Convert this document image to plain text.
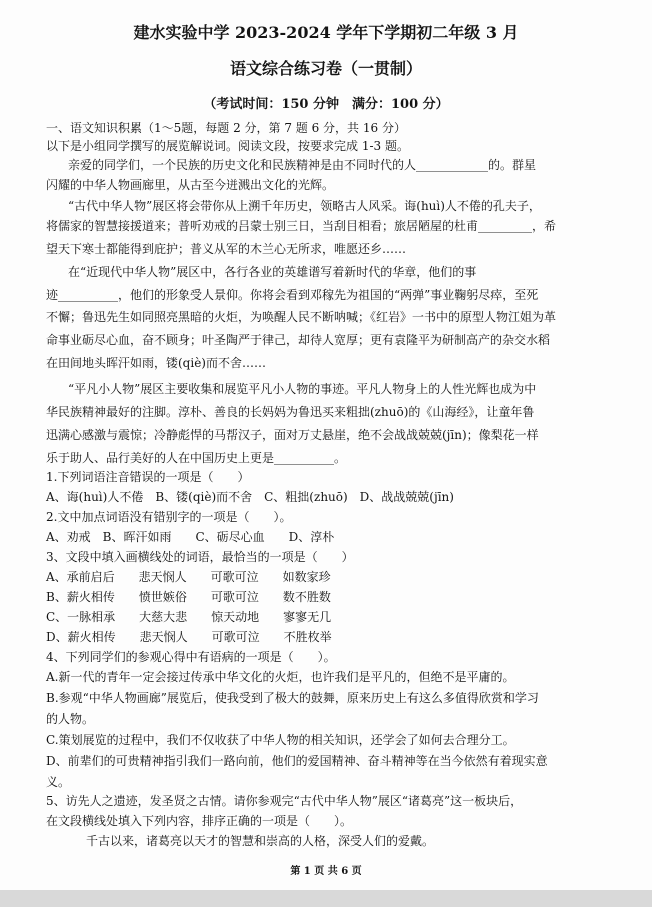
建水实验中学 2023-2024 学年下学期初二年级 3 月
语文综合练习卷（一贯制）
（考试时间：150 分钟　满分：100 分）
一、语文知识积累（1～5题，每题 2 分，第 7 题 6 分，共 16 分）
以下是小组同学撰写的展览解说词。阅读文段，按要求完成 1-3 题。
亲爱的同学们，一个民族的历史文化和民族精神是由不同时代的人____________的。群星
闪耀的中华人物画廊里，从古至今迸溅出文化的光辉。
“古代中华人物”展区将会带你从上溯千年历史，领略古人风采。诲(huì)人不倦的孔夫子，
将儒家的智慧接援道来；普听劝戒的吕蒙士别三日，当刮目相看；旅居陋屋的杜甫_________，希
望天下寒士都能得到庇护；普义从军的木兰心无所求，唯愿还乡……
在“近现代中华人物”展区中，各行各业的英雄谱写着新时代的华章，他们的事
迹__________，他们的形象受人景仰。你将会看到邓稼先为祖国的“两弹”事业鞠躬尽瘁，至死
不懈；鲁迅先生如同照亮黑暗的火炬，为唤醒人民不断呐喊；《红岩》一书中的原型人物江姐为革
命事业砺尽心血，奋不顾身；叶圣陶严于律己，却待人宽厚；更有袁隆平为研制高产的杂交水稻
在田间地头晖汗如雨，镂(qiè)而不舍……
“平凡小人物”展区主要收集和展览平凡小人物的事迹。平凡人物身上的人性光辉也成为中
华民族精神最好的注脚。淳朴、善良的长妈妈为鲁迅买来粗拙(zhuō)的《山海经》，让童年鲁
迅满心感激与震惊；冷静彪悍的马帮汉子，面对万丈悬崖，绝不会战战兢兢(jīn)；像梨花一样
乐于助人、品行美好的人在中国历史上更是__________。
1.下列词语注音错误的一项是（　　）
A、诲(huì)人不倦　B、镂(qiè)而不舍　C、粗拙(zhuō)　D、战战兢兢(jīn)
2.文中加点词语没有错别字的一项是（　　）。
A、劝戒　B、晖汗如雨　　C、砺尽心血　　D、淳朴
3、文段中填入画横线处的词语，最恰当的一项是（　　）
A、承前启后　　悲天悯人　　可歌可泣　　如数家珍
B、薪火相传　　愤世嫉俗　　可歌可泣　　数不胜数
C、一脉相承　　大慈大悲　　惊天动地　　寥寥无几
D、薪火相传　　悲天悯人　　可歌可泣　　不胜枚举
4、下列同学们的参观心得中有语病的一项是（　　）。
A.新一代的青年一定会接过传承中华文化的火炬，也许我们是平凡的，但绝不是平庸的。
B.参观“中华人物画廊”展览后，使我受到了极大的鼓舞，原来历史上有这么多值得欣赏和学习
的人物。
C.策划展览的过程中，我们不仅收获了中华人物的相关知识，还学会了如何去合理分工。
D、前辈们的可贵精神指引我们一路向前，他们的爱国精神、奋斗精神等在当今依然有着现实意
义。
5、访先人之遗迹，发圣贤之古情。请你参观完“古代中华人物”展区“诸葛亮”这一板块后，
在文段横线处填入下列内容，排序正确的一项是（　　）。
千古以来，诸葛亮以天才的智慧和崇高的人格，深受人们的爱戴。
第 1 页 共 6 页
